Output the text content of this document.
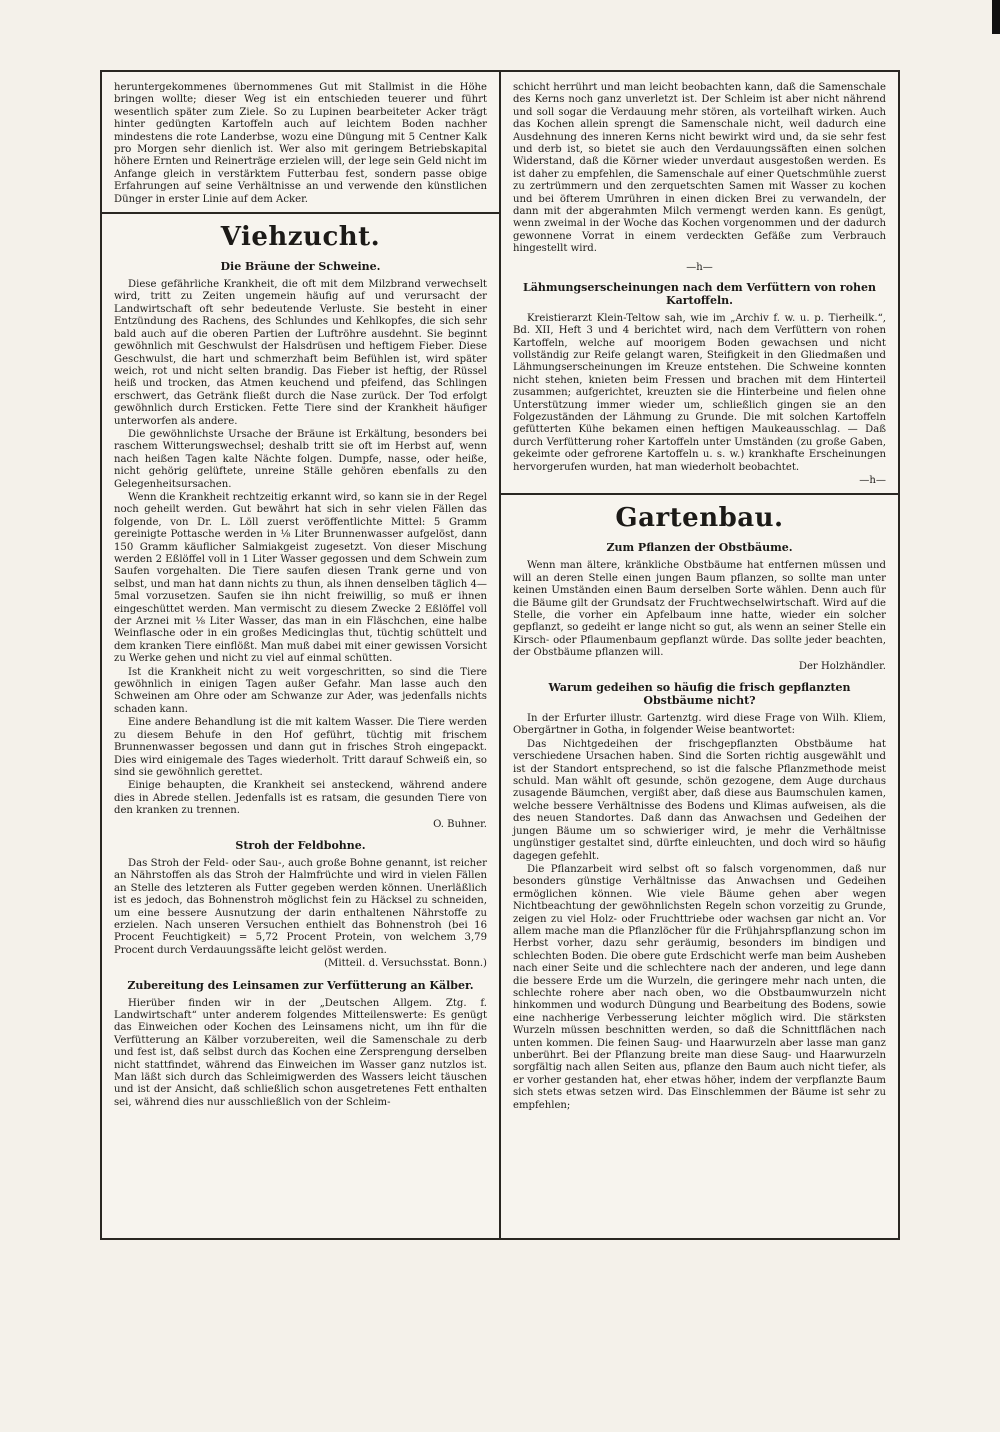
heruntergekommenes übernommenes Gut mit Stallmist in die Höhe bringen wollte; dieser Weg ist ein entschieden teuerer und führt wesentlich später zum Ziele. So zu Lupinen bearbeiteter Acker trägt hinter gedüngten Kartoffeln auch auf leichtem Boden nachher mindestens die rote Landerbse, wozu eine Düngung mit 5 Centner Kalk pro Morgen sehr dienlich ist. Wer also mit geringem Betriebskapital höhere Ernten und Reinerträge erzielen will, der lege sein Geld nicht im Anfange gleich in verstärktem Futterbau fest, sondern passe obige Erfahrungen auf seine Verhältnisse an und verwende den künstlichen Dünger in erster Linie auf dem Acker.

Viehzucht.
Die Bräune der Schweine.

Diese gefährliche Krankheit, die oft mit dem Milzbrand verwechselt wird, tritt zu Zeiten ungemein häufig auf und verursacht der Landwirtschaft oft sehr bedeutende Verluste. Sie besteht in einer Entzündung des Rachens, des Schlundes und Kehlkopfes, die sich sehr bald auch auf die oberen Partien der Luftröhre ausdehnt. Sie beginnt gewöhnlich mit Geschwulst der Halsdrüsen und heftigem Fieber. Diese Geschwulst, die hart und schmerzhaft beim Befühlen ist, wird später weich, rot und nicht selten brandig. Das Fieber ist heftig, der Rüssel heiß und trocken, das Atmen keuchend und pfeifend, das Schlingen erschwert, das Getränk fließt durch die Nase zurück. Der Tod erfolgt gewöhnlich durch Ersticken. Fette Tiere sind der Krankheit häufiger unterworfen als andere.

Die gewöhnlichste Ursache der Bräune ist Erkältung, besonders bei raschem Witterungswechsel; deshalb tritt sie oft im Herbst auf, wenn nach heißen Tagen kalte Nächte folgen. Dumpfe, nasse, oder heiße, nicht gehörig gelüftete, unreine Ställe gehören ebenfalls zu den Gelegenheitsursachen.

Wenn die Krankheit rechtzeitig erkannt wird, so kann sie in der Regel noch geheilt werden. Gut bewährt hat sich in sehr vielen Fällen das folgende, von Dr. L. Löll zuerst veröffentlichte Mittel: 5 Gramm gereinigte Pottasche werden in ⅛ Liter Brunnenwasser aufgelöst, dann 150 Gramm käuflicher Salmiakgeist zugesetzt. Von dieser Mischung werden 2 Eßlöffel voll in 1 Liter Wasser gegossen und dem Schwein zum Saufen vorgehalten. Die Tiere saufen diesen Trank gerne und von selbst, und man hat dann nichts zu thun, als ihnen denselben täglich 4—5mal vorzusetzen. Saufen sie ihn nicht freiwillig, so muß er ihnen eingeschüttet werden. Man vermischt zu diesem Zwecke 2 Eßlöffel voll der Arznei mit ⅛ Liter Wasser, das man in ein Fläschchen, eine halbe Weinflasche oder in ein großes Medicinglas thut, tüchtig schüttelt und dem kranken Tiere einflößt. Man muß dabei mit einer gewissen Vorsicht zu Werke gehen und nicht zu viel auf einmal schütten.

Ist die Krankheit nicht zu weit vorgeschritten, so sind die Tiere gewöhnlich in einigen Tagen außer Gefahr. Man lasse auch den Schweinen am Ohre oder am Schwanze zur Ader, was jedenfalls nichts schaden kann.

Eine andere Behandlung ist die mit kaltem Wasser. Die Tiere werden zu diesem Behufe in den Hof geführt, tüchtig mit frischem Brunnenwasser begossen und dann gut in frisches Stroh eingepackt. Dies wird einigemale des Tages wiederholt. Tritt darauf Schweiß ein, so sind sie gewöhnlich gerettet.

Einige behaupten, die Krankheit sei ansteckend, während andere dies in Abrede stellen. Jedenfalls ist es ratsam, die gesunden Tiere von den kranken zu trennen.

O. Buhner.

Stroh der Feldbohne.

Das Stroh der Feld- oder Sau-, auch große Bohne genannt, ist reicher an Nährstoffen als das Stroh der Halmfrüchte und wird in vielen Fällen an Stelle des letzteren als Futter gegeben werden können. Unerläßlich ist es jedoch, das Bohnenstroh möglichst fein zu Häcksel zu schneiden, um eine bessere Ausnutzung der darin enthaltenen Nährstoffe zu erzielen. Nach unseren Versuchen enthielt das Bohnenstroh (bei 16 Procent Feuchtigkeit) = 5,72 Procent Protein, von welchem 3,79 Procent durch Verdauungssäfte leicht gelöst werden.

(Mitteil. d. Versuchsstat. Bonn.)

Zubereitung des Leinsamen zur Verfütterung an Kälber.

Hierüber finden wir in der „Deutschen Allgem. Ztg. f. Landwirtschaft“ unter anderem folgendes Mitteilenswerte: Es genügt das Einweichen oder Kochen des Leinsamens nicht, um ihn für die Verfütterung an Kälber vorzubereiten, weil die Samenschale zu derb und fest ist, daß selbst durch das Kochen eine Zersprengung derselben nicht stattfindet, während das Einweichen im Wasser ganz nutzlos ist. Man läßt sich durch das Schleimigwerden des Wassers leicht täuschen und ist der Ansicht, daß schließlich schon ausgetretenes Fett enthalten sei, während dies nur ausschließlich von der Schleim-

schicht herrührt und man leicht beobachten kann, daß die Samenschale des Kerns noch ganz unverletzt ist. Der Schleim ist aber nicht nährend und soll sogar die Verdauung mehr stören, als vorteilhaft wirken. Auch das Kochen allein sprengt die Samenschale nicht, weil dadurch eine Ausdehnung des inneren Kerns nicht bewirkt wird und, da sie sehr fest und derb ist, so bietet sie auch den Verdauungssäften einen solchen Widerstand, daß die Körner wieder unverdaut ausgestoßen werden. Es ist daher zu empfehlen, die Samenschale auf einer Quetschmühle zuerst zu zertrümmern und den zerquetschten Samen mit Wasser zu kochen und bei öfterem Umrühren in einen dicken Brei zu verwandeln, der dann mit der abgerahmten Milch vermengt werden kann. Es genügt, wenn zweimal in der Woche das Kochen vorgenommen und der dadurch gewonnene Vorrat in einem verdeckten Gefäße zum Verbrauch hingestellt wird.

—h—
Lähmungserscheinungen nach dem Verfüttern von rohen Kartoffeln.

Kreistierarzt Klein-Teltow sah, wie im „Archiv f. w. u. p. Tierheilk.“, Bd. XII, Heft 3 und 4 berichtet wird, nach dem Verfüttern von rohen Kartoffeln, welche auf moorigem Boden gewachsen und nicht vollständig zur Reife gelangt waren, Steifigkeit in den Gliedmaßen und Lähmungserscheinungen im Kreuze entstehen. Die Schweine konnten nicht stehen, knieten beim Fressen und brachen mit dem Hinterteil zusammen; aufgerichtet, kreuzten sie die Hinterbeine und fielen ohne Unterstützung immer wieder um, schließlich gingen sie an den Folgezuständen der Lähmung zu Grunde. Die mit solchen Kartoffeln gefütterten Kühe bekamen einen heftigen Maukeausschlag. — Daß durch Verfütterung roher Kartoffeln unter Umständen (zu große Gaben, gekeimte oder gefrorene Kartoffeln u. s. w.) krankhafte Erscheinungen hervorgerufen wurden, hat man wiederholt beobachtet.

—h—

Gartenbau.
Zum Pflanzen der Obstbäume.

Wenn man ältere, kränkliche Obstbäume hat entfernen müssen und will an deren Stelle einen jungen Baum pflanzen, so sollte man unter keinen Umständen einen Baum derselben Sorte wählen. Denn auch für die Bäume gilt der Grundsatz der Fruchtwechselwirtschaft. Wird auf die Stelle, die vorher ein Apfelbaum inne hatte, wieder ein solcher gepflanzt, so gedeiht er lange nicht so gut, als wenn an seiner Stelle ein Kirsch- oder Pflaumenbaum gepflanzt würde. Das sollte jeder beachten, der Obstbäume pflanzen will.

Der Holzhändler.

Warum gedeihen so häufig die frisch gepflanzten Obstbäume nicht?

In der Erfurter illustr. Gartenztg. wird diese Frage von Wilh. Kliem, Obergärtner in Gotha, in folgender Weise beantwortet:

Das Nichtgedeihen der frischgepflanzten Obstbäume hat verschiedene Ursachen haben. Sind die Sorten richtig ausgewählt und ist der Standort entsprechend, so ist die falsche Pflanzmethode meist schuld. Man wählt oft gesunde, schön gezogene, dem Auge durchaus zusagende Bäumchen, vergißt aber, daß diese aus Baumschulen kamen, welche bessere Verhältnisse des Bodens und Klimas aufweisen, als die des neuen Standortes. Daß dann das Anwachsen und Gedeihen der jungen Bäume um so schwieriger wird, je mehr die Verhältnisse ungünstiger gestaltet sind, dürfte einleuchten, und doch wird so häufig dagegen gefehlt.

Die Pflanzarbeit wird selbst oft so falsch vorgenommen, daß nur besonders günstige Verhältnisse das Anwachsen und Gedeihen ermöglichen können. Wie viele Bäume gehen aber wegen Nichtbeachtung der gewöhnlichsten Regeln schon vorzeitig zu Grunde, zeigen zu viel Holz- oder Fruchttriebe oder wachsen gar nicht an. Vor allem mache man die Pflanzlöcher für die Frühjahrspflanzung schon im Herbst vorher, dazu sehr geräumig, besonders im bindigen und schlechten Boden. Die obere gute Erdschicht werfe man beim Ausheben nach einer Seite und die schlechtere nach der anderen, und lege dann die bessere Erde um die Wurzeln, die geringere mehr nach unten, die schlechte rohere aber nach oben, wo die Obstbaumwurzeln nicht hinkommen und wodurch Düngung und Bearbeitung des Bodens, sowie eine nachherige Verbesserung leichter möglich wird. Die stärksten Wurzeln müssen beschnitten werden, so daß die Schnittflächen nach unten kommen. Die feinen Saug- und Haarwurzeln aber lasse man ganz unberührt. Bei der Pflanzung breite man diese Saug- und Haarwurzeln sorgfältig nach allen Seiten aus, pflanze den Baum auch nicht tiefer, als er vorher gestanden hat, eher etwas höher, indem der verpflanzte Baum sich stets etwas setzen wird. Das Einschlemmen der Bäume ist sehr zu empfehlen;
